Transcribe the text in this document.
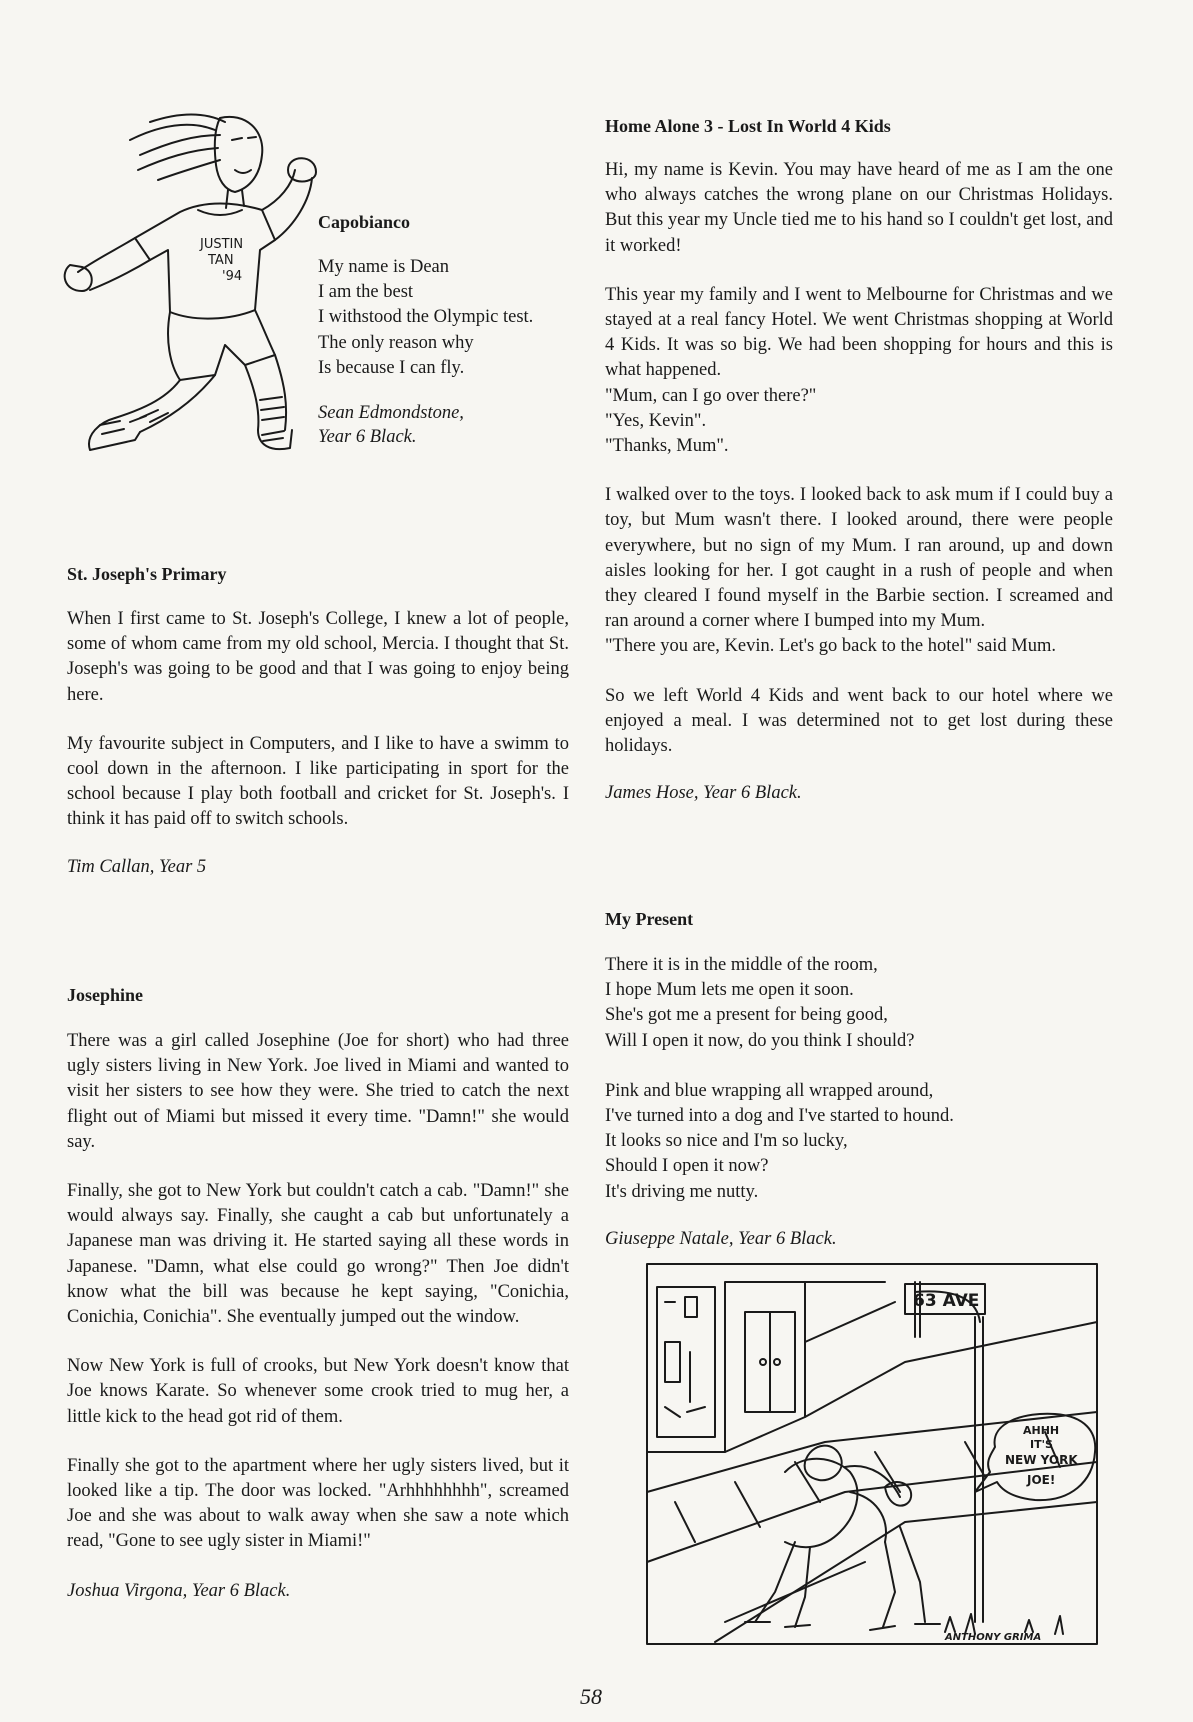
JUSTIN
TAN
'94
Capobianco
My name is Dean
I am the best
I withstood the Olympic test.
The only reason why
Is because I can fly.
Sean Edmondstone,
Year 6 Black.
St. Joseph's Primary

When I first came to St. Joseph's College, I knew a lot of people, some of whom came from my old school, Mercia. I thought that St. Joseph's was going to be good and that I was going to enjoy being here.

My favourite subject in Computers, and I like to have a swimm to cool down in the afternoon. I like participating in sport for the school because I play both football and cricket for St. Joseph's. I think it has paid off to switch schools.

Tim Callan, Year 5
Josephine

There was a girl called Josephine (Joe for short) who had three ugly sisters living in New York. Joe lived in Miami and wanted to visit her sisters to see how they were. She tried to catch the next flight out of Miami but missed it every time. "Damn!" she would say.

Finally, she got to New York but couldn't catch a cab. "Damn!" she would always say. Finally, she caught a cab but unfortunately a Japanese man was driving it. He started saying all these words in Japanese. "Damn, what else could go wrong?" Then Joe didn't know what the bill was because he kept saying, "Conichia, Conichia, Conichia". She eventually jumped out the window.

Now New York is full of crooks, but New York doesn't know that Joe knows Karate. So whenever some crook tried to mug her, a little kick to the head got rid of them.

Finally she got to the apartment where her ugly sisters lived, but it looked like a tip. The door was locked. "Arhhhhhhhh", screamed Joe and she was about to walk away when she saw a note which read, "Gone to see ugly sister in Miami!"

Joshua Virgona, Year 6 Black.
Home Alone 3 - Lost In World 4 Kids

Hi, my name is Kevin. You may have heard of me as I am the one who always catches the wrong plane on our Christmas Holidays. But this year my Uncle tied me to his hand so I couldn't get lost, and it worked!

This year my family and I went to Melbourne for Christmas and we stayed at a real fancy Hotel. We went Christmas shopping at World 4 Kids. It was so big. We had been shopping for hours and this is what happened.

"Mum, can I go over there?"
"Yes, Kevin".
"Thanks, Mum".

I walked over to the toys. I looked back to ask mum if I could buy a toy, but Mum wasn't there. I looked around, there were people everywhere, but no sign of my Mum. I ran around, up and down aisles looking for her. I got caught in a rush of people and when they cleared I found myself in the Barbie section. I screamed and ran around a corner where I bumped into my Mum.

"There you are, Kevin. Let's go back to the hotel" said Mum.

So we left World 4 Kids and went back to our hotel where we enjoyed a meal. I was determined not to get lost during these holidays.

James Hose, Year 6 Black.
My Present
There it is in the middle of the room,
I hope Mum lets me open it soon.
She's got me a present for being good,
Will I open it now, do you think I should?
Pink and blue wrapping all wrapped around,
I've turned into a dog and I've started to hound.
It looks so nice and I'm so lucky,
Should I open it now?
It's driving me nutty.
Giuseppe Natale, Year 6 Black.
63 AVE
AHHH
IT'S
NEW YORK
JOE!
ANTHONY GRIMA
58
